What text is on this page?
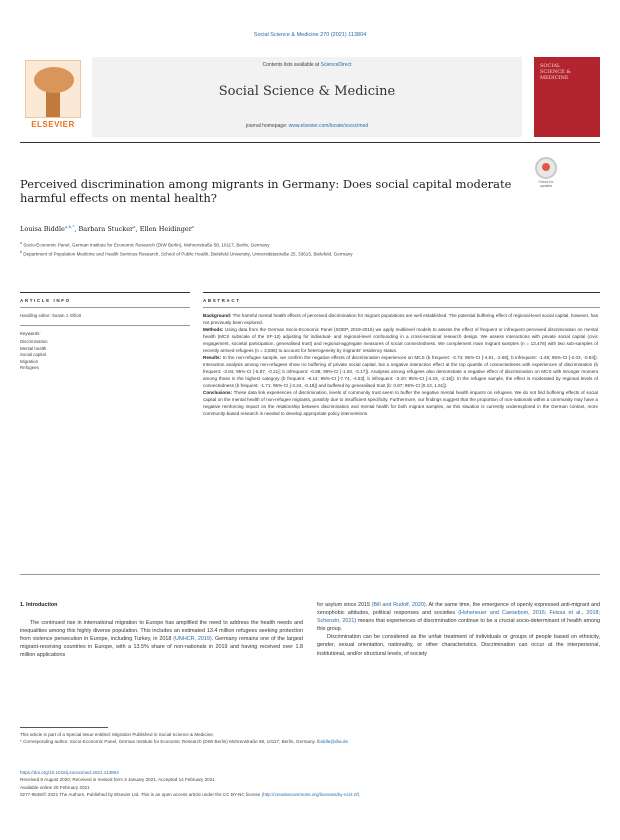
Social Science & Medicine 270 (2021) 113804
ELSEVIER
Contents lists available at ScienceDirect
Social Science & Medicine
journal homepage: www.elsevier.com/locate/socscimed
SOCIAL SCIENCE & MEDICINE
Perceived discrimination among migrants in Germany: Does social capital moderate harmful effects on mental health?
Check for updates
Louisa Biddle$^{a,b,*}$, Barbara Stucker$^a$, Ellen Heidinger$^a$
$^a$ Socio-Economic Panel, German Institute for Economic Research (DIW Berlin), Mohrenstraße 58, 10117, Berlin, Germany
$^b$ Department of Population Medicine and Health Services Research, School of Public Health, Bielefeld University, Universitätsstraße 25, 33615, Bielefeld, Germany
ARTICLE INFO	ABSTRACT
Handling editor: Susan J. Elliott
Keywords:
Discrimination
Mental health
Social capital
Migration
Refugees

Background: The harmful mental health effects of perceived discrimination for migrant populations are well established. The potential buffering effect of regional-level social capital, however, has not previously been explored.

Methods: Using data from the German Socio-Economic Panel (SOEP, 2019-2016) we apply multilevel models to assess the effect of frequent or infrequent perceived discrimination on mental health (MCS subscale of the SF-12) adjusting for individual- and regional-level confounding in a cross-sectional research design. We assess interactions with private social capital (civic engagement, societal participation, generalised trust) and regional-aggregate measures of social connectedness. We complement main migrant samples (n = 13,478) with two sub-samples of recently arrived refugees (n = 3,836) to account for heterogeneity by migrants' residency status.

Results: In the non-refugee sample, we confirm the negative effects of discrimination experiences on MCS (b frequent: -3.73; 95%-CI [-4.81, -2.65]; b infrequent: -1.48; 95%-CI [-2.03, -0.93]). Interaction analysis among non-refugees show no buffering of private social capital, but a negative interaction effect at the top quartile of connectedness with experiences of discrimination (b frequent: -3.04; 95%-CI [-5.87, -0.21]; b infrequent: -0.88; 95%-CI [-1.93, -0.17]). Analyses among refugees also demonstrate a negative effect of discrimination on MCS with stronger moment among those in the highest category (b frequent: -6.14; 95%-CI [-7.74, -4.53]; b infrequent: -3.20; 95%-CI [-4.23, -2.16]). In the refugee sample, the effect is moderated by regional levels of connectedness (b frequent: -1.71; 95%-CI [-3.24, -0.18]) and buffered by generalised trust (b: 0.87; 95%-CI [0.13, 1.61]).

Conclusions: These data link experiences of discrimination, levels of community trust seem to buffer the negative mental health impacts on refugees. We do not find buffering effects of social capital on the mental health of non-refugee migrants, possibly due to insufficient specificity. Furthermore, our findings suggest that the proportion of non-nationals within a community may have a negative reinforcing impact on the relationship between discrimination and mental health for both migrant samples, as this situation is currently underexplored in the German context, more community-based research is needed to develop appropriate policy interventions.

1. Introduction

The continued rise in international migration to Europe has amplified the need to address the health needs and inequalities among this highly diverse population. This includes an estimated 13.4 million refugees seeking protection from violence persecution in Europe, including Turkey, in 2018 (UNHCR, 2019). Germany remains one of the largest migrant-receiving countries in Europe, with a 13.5% share of non-nationals in 2019 and having received over 1.8 million applications

for asylum since 2015 (Bill and Rudolf, 2020). At the same time, the emergence of openly expressed anti-migrant and xenophobic attitudes, political responses and societies (Hoheneuer and Caesebom, 2016; Feissa et al., 2018; Schenzin, 2021) means that experiences of discrimination continue to be a crucial socio-determinant of health among this group.

Discrimination can be considered as the unfair treatment of individuals or groups of people based on ethnicity, gender, sexual orientation, nationality, or other characteristics. Discrimination can occur at the interpersonal, institutional, and/or structural levels, of society

This article is part of a Special Issue entitled: Migration Published in Social Science & Medicine.
* Corresponding author. Socio-Economic Panel, German Institute for Economic Research (DIW Berlin) Mohrenstraße 58, 10117, Berlin, Germany. lbiddle@diw.de
https://doi.org/10.1016/j.socscimed.2021.113804
Received 8 August 2020; Received in revised form 3 January 2021; Accepted 14 February 2021
Available online 20 February 2021
0277-9536/© 2021 The Authors. Published by Elsevier Ltd. This is an open access article under the CC BY-NC license (http://creativecommons.org/licenses/by-nc/4.0/).
